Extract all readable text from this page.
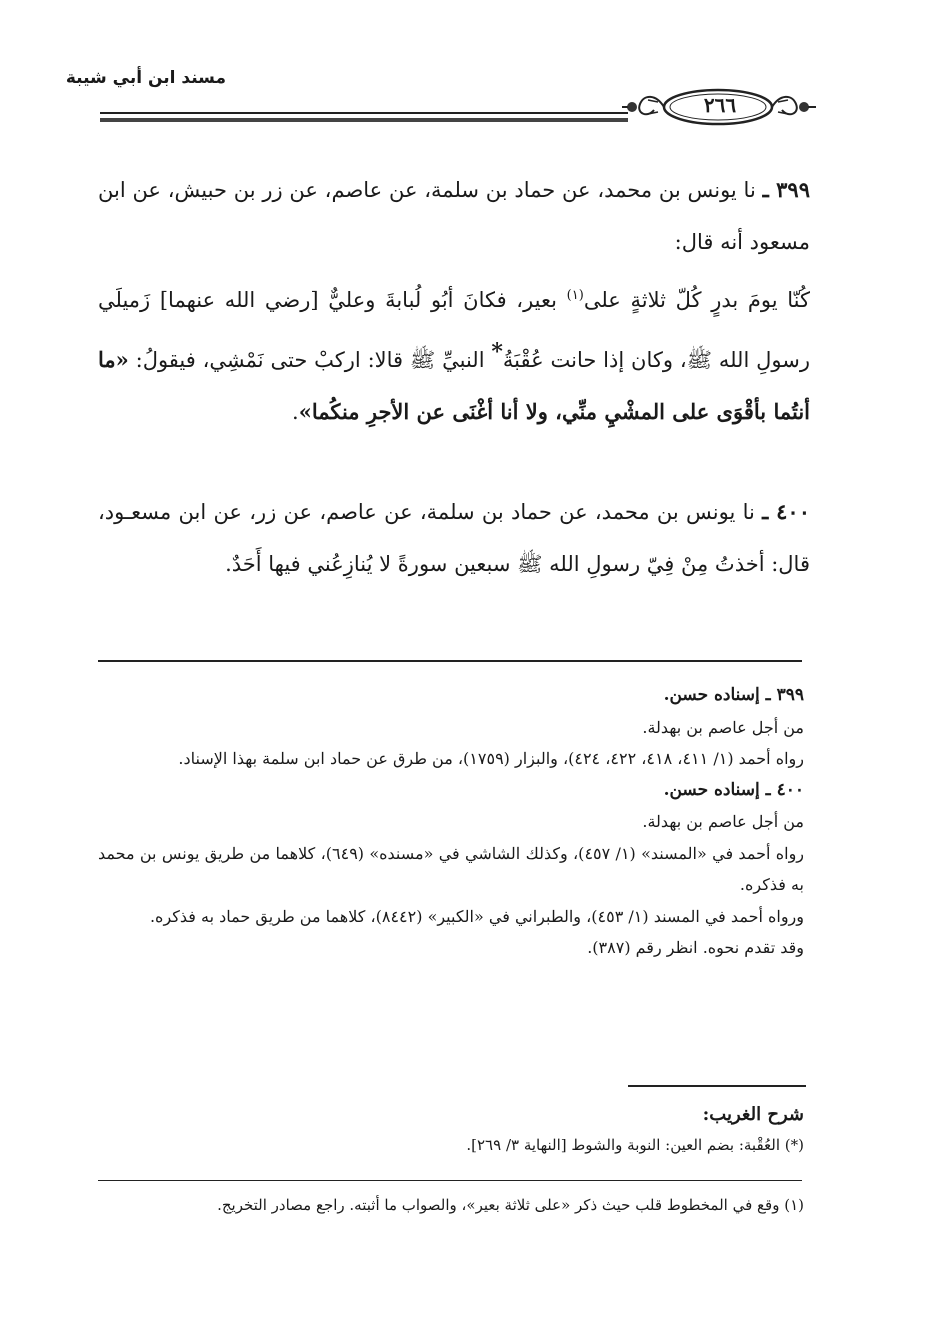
مسند ابن أبي شيبة
٢٦٦

٣٩٩ ـ نا يونس بن محمد، عن حماد بن سلمة، عن عاصم، عن زر بن حبيش، عن ابن مسعود أنه قال:

كُنّا يومَ بدرٍ كُلّ ثلاثةٍ على$^{(١)}$ بعير، فكانَ أبُو لُبابةَ وعليٌّ [رضي الله عنهما] زَميلَي رسولِ الله ﷺ، وكان إذا حانت عُقْبَةُ* النبيِّ ﷺ قالا: اركبْ حتى نَمْشِي، فيقولُ: «ما أنتُما بأقْوَى على المشْيِ منِّي، ولا أنا أغْنَى عن الأجرِ منكُما».

٤٠٠ ـ نا يونس بن محمد، عن حماد بن سلمة، عن عاصم، عن زر، عن ابن مسعـود، قال: أخذتُ مِنْ فِيّ رسولِ الله ﷺ سبعين سورةً لا يُنازِعُني فيها أَحَدٌ.

٣٩٩ ـ إسناده حسن.

من أجل عاصم بن بهدلة.

رواه أحمد (١/ ٤١١، ٤١٨، ٤٢٢، ٤٢٤)، والبزار (١٧٥٩)، من طرق عن حماد ابن سلمة بهذا الإسناد.

٤٠٠ ـ إسناده حسن.

من أجل عاصم بن بهدلة.

رواه أحمد في «المسند» (١/ ٤٥٧)، وكذلك الشاشي في «مسنده» (٦٤٩)، كلاهما من طريق يونس بن محمد به فذكره.

ورواه أحمد في المسند (١/ ٤٥٣)، والطبراني في «الكبير» (٨٤٤٢)، كلاهما من طريق حماد به فذكره.

وقد تقدم نحوه. انظر رقم (٣٨٧).

شرح الغريب:

(*) العُقْبة: بضم العين: النوبة والشوط [النهاية ٣/ ٢٦٩].

(١) وقع في المخطوط قلب حيث ذكر «على ثلاثة بعير»، والصواب ما أثبته. راجع مصادر التخريج.
